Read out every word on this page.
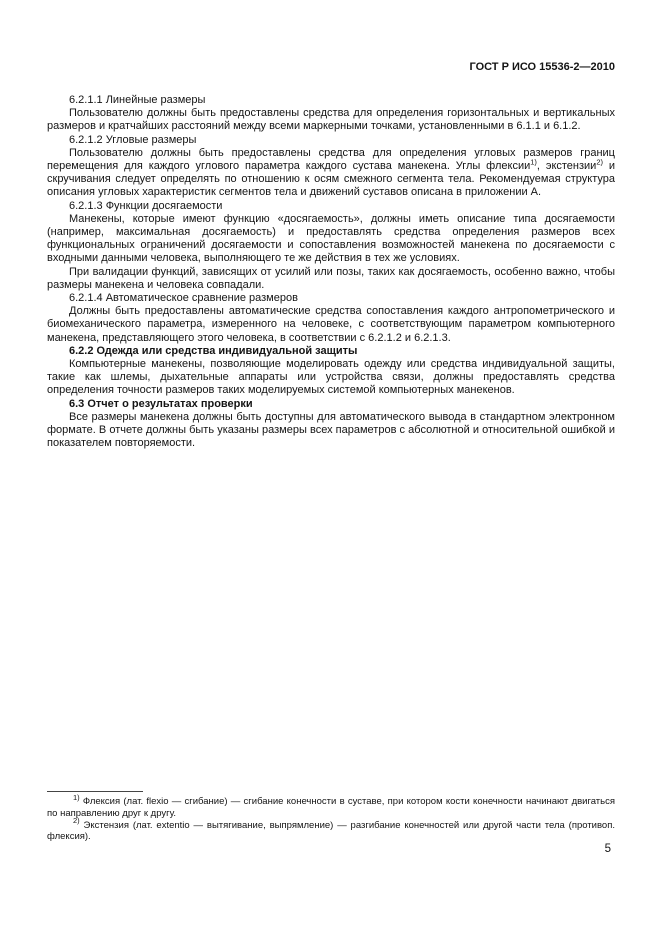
ГОСТ Р ИСО 15536-2—2010

6.2.1.1 Линейные размеры

Пользователю должны быть предоставлены средства для определения горизонтальных и вертикальных размеров и кратчайших расстояний между всеми маркерными точками, установленными в 6.1.1 и 6.1.2.

6.2.1.2 Угловые размеры

Пользователю должны быть предоставлены средства для определения угловых размеров границ перемещения для каждого углового параметра каждого сустава манекена. Углы флексии$^{1)}$, экстензии$^{2)}$ и скручивания следует определять по отношению к осям смежного сегмента тела. Рекомендуемая структура описания угловых характеристик сегментов тела и движений суставов описана в приложении А.

6.2.1.3 Функции досягаемости

Манекены, которые имеют функцию «досягаемость», должны иметь описание типа досягаемости (например, максимальная досягаемость) и предоставлять средства определения размеров всех функциональных ограничений досягаемости и сопоставления возможностей манекена по досягаемости с входными данными человека, выполняющего те же действия в тех же условиях.

При валидации функций, зависящих от усилий или позы, таких как досягаемость, особенно важно, чтобы размеры манекена и человека совпадали.

6.2.1.4 Автоматическое сравнение размеров

Должны быть предоставлены автоматические средства сопоставления каждого антропометрического и биомеханического параметра, измеренного на человеке, с соответствующим параметром компьютерного манекена, представляющего этого человека, в соответствии с 6.2.1.2 и 6.2.1.3.

6.2.2 Одежда или средства индивидуальной защиты

Компьютерные манекены, позволяющие моделировать одежду или средства индивидуальной защиты, такие как шлемы, дыхательные аппараты или устройства связи, должны предоставлять средства определения точности размеров таких моделируемых системой компьютерных манекенов.

6.3 Отчет о результатах проверки

Все размеры манекена должны быть доступны для автоматического вывода в стандартном электронном формате. В отчете должны быть указаны размеры всех параметров с абсолютной и относительной ошибкой и показателем повторяемости.

$^{1)}$ Флексия (лат. flexio — сгибание) — сгибание конечности в суставе, при котором кости конечности начинают двигаться по направлению друг к другу.

$^{2)}$ Экстензия (лат. extentio — вытягивание, выпрямление) — разгибание конечностей или другой части тела (противоп. флексия).

5
